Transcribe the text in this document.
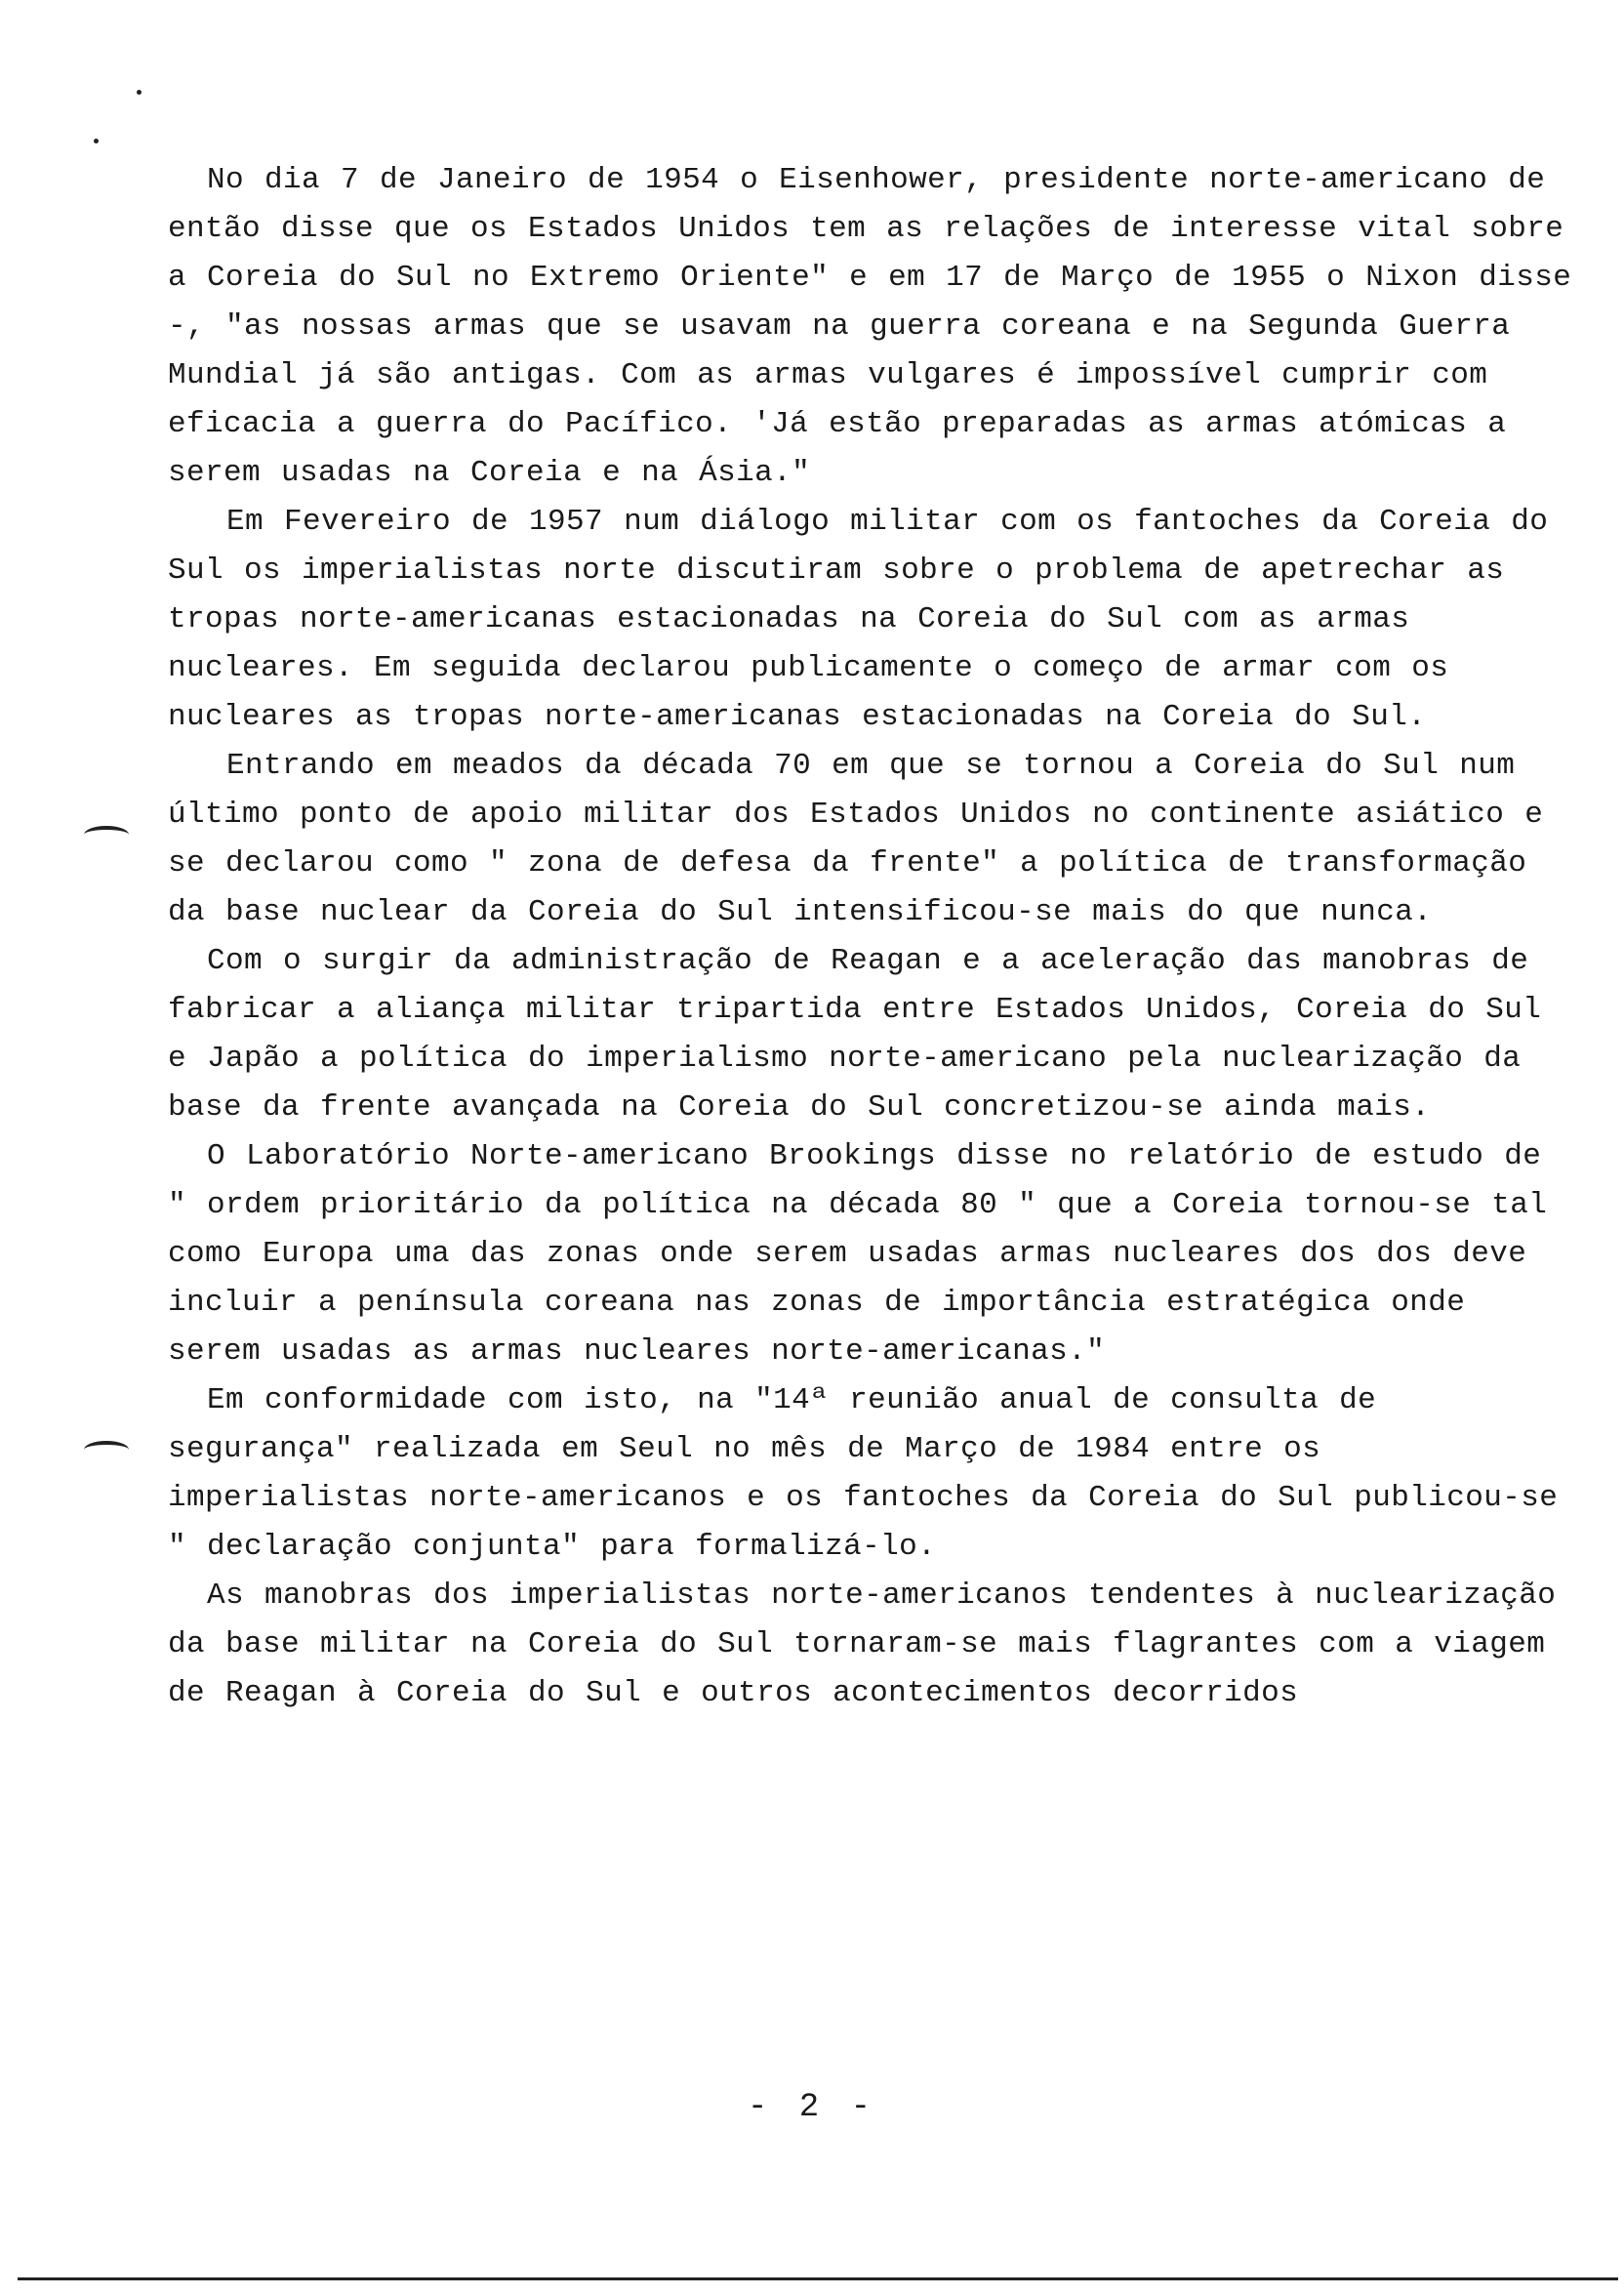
No dia 7 de Janeiro de 1954 o Eisenhower, presidente norte-americano de então disse que os Estados Unidos tem as relações de interesse vital sobre a Coreia do Sul no Extremo Oriente" e em 17 de Março de 1955 o Nixon disse -, "as nossas armas que se usavam na guerra coreana e na Segunda Guerra Mundial já são antigas. Com as armas vulgares é impossível cumprir com eficacia a guerra do Pacífico. 'Já estão preparadas as armas atómicas a serem usadas na Coreia e na Ásia."

Em Fevereiro de 1957 num diálogo militar com os fantoches da Coreia do Sul os imperialistas norte discutiram sobre o problema de apetrechar as tropas norte-americanas estacionadas na Coreia do Sul com as armas nucleares. Em seguida declarou publicamente o começo de armar com os nucleares as tropas norte-americanas estacionadas na Coreia do Sul.

Entrando em meados da década 70 em que se tornou a Coreia do Sul num último ponto de apoio militar dos Estados Unidos no continente asiático e se declarou como " zona de defesa da frente" a política de transformação da base nuclear da Coreia do Sul intensificou-se mais do que nunca.

Com o surgir da administração de Reagan e a aceleração das manobras de fabricar a aliança militar tripartida entre Estados Unidos, Coreia do Sul e Japão a política do imperialismo norte-americano pela nuclearização da base da frente avançada na Coreia do Sul concretizou-se ainda mais.

O Laboratório Norte-americano Brookings disse no relatório de estudo de " ordem prioritário da política na década 80 " que a Coreia tornou-se tal como Europa uma das zonas onde serem usadas armas nucleares dos dos deve incluir a península coreana nas zonas de importância estratégica onde serem usadas as armas nucleares norte-americanas."

Em conformidade com isto, na "14ª reunião anual de consulta de segurança" realizada em Seul no mês de Março de 1984 entre os imperialistas norte-americanos e os fantoches da Coreia do Sul publicou-se " declaração conjunta" para formalizá-lo.

As manobras dos imperialistas norte-americanos tendentes à nuclearização da base militar na Coreia do Sul tornaram-se mais flagrantes com a viagem de Reagan à Coreia do Sul e outros acontecimentos decorridos

- 2 -
